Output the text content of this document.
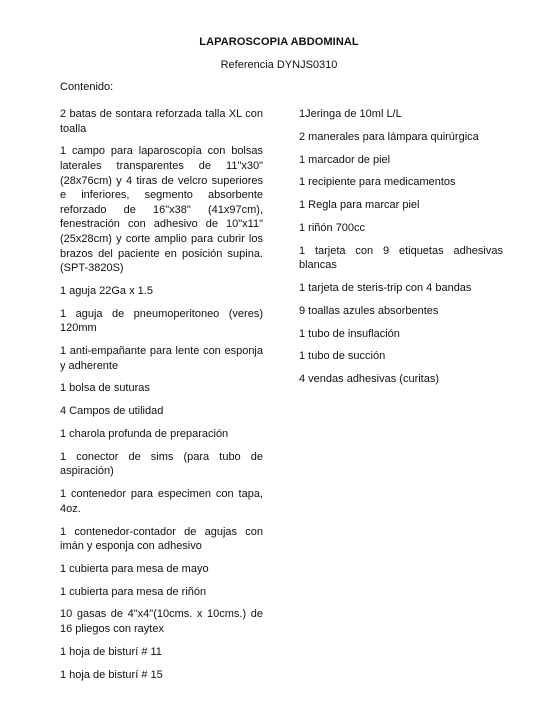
LAPAROSCOPIA ABDOMINAL
Referencia DYNJS0310
Contenido:
2 batas de sontara reforzada talla XL con toalla
1 campo para laparoscopía con bolsas laterales transparentes de 11"x30" (28x76cm) y 4 tiras de velcro superiores e inferiores, segmento absorbente reforzado de 16"x38" (41x97cm), fenestración con adhesivo de 10"x11" (25x28cm) y corte amplio para cubrir los brazos del paciente en posición supina. (SPT-3820S)
1 aguja 22Ga x 1.5
1 aguja de pneumoperitoneo (veres) 120mm
1 anti-empañante para lente con esponja y adherente
1 bolsa de suturas
4 Campos de utilidad
1 charola profunda de preparación
1 conector de sims (para tubo de aspiración)
1 contenedor para especimen con tapa, 4oz.
1 contenedor-contador de agujas con imán y esponja con adhesivo
1 cubierta para mesa de mayo
1 cubierta para mesa de riñón
10 gasas de 4"x4"(10cms. x 10cms.) de 16 pliegos con raytex
1 hoja de bisturí # 11
1 hoja de bisturí # 15
1Jeringa de 10ml L/L
2 manerales para lámpara quirúrgica
1 marcador de piel
1 recipiente para medicamentos
1 Regla para marcar piel
1 riñón 700cc
1 tarjeta con 9 etiquetas adhesivas blancas
1 tarjeta de steris-trip con 4 bandas
9 toallas azules absorbentes
1 tubo de insuflación
1 tubo de succión
4 vendas adhesivas (curitas)
